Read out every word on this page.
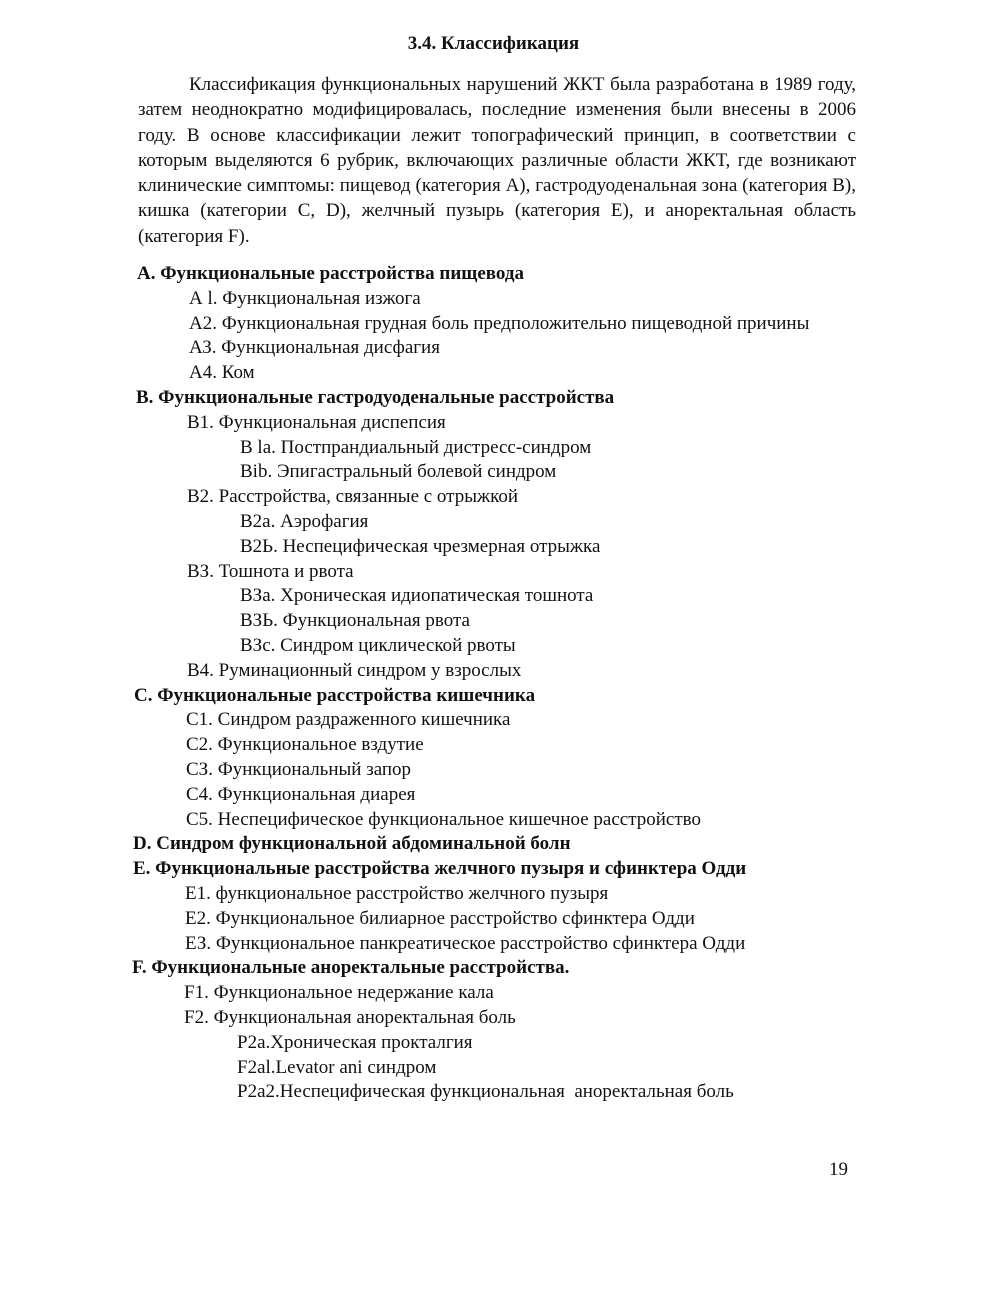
3.4. Классификация

Классификация функциональных нарушений ЖКТ была разработана в 1989 году, затем неоднократно модифицировалась, последние изменения были внесены в 2006 году. В основе классификации лежит топографический принцип, в соответствии с которым выделяются 6 рубрик, включающих различные области ЖКТ, где возникают клинические симптомы: пищевод (категория А), гастродуоденальная зона (категория В), кишка (категории С, D), желчный пузырь (категория Е), и аноректальная область (категория F).

А. Функциональные расстройства пищевода
А l. Функциональная изжога
А2. Функциональная грудная боль предположительно пищеводной причины
АЗ. Функциональная дисфагия
А4. Ком
В. Функциональные гастродуоденальные расстройства
В1. Функциональная диспепсия
В la. Постпрандиальный дистресс-синдром
Bib. Эпигастральный болевой синдром
В2. Расстройства, связанные с отрыжкой
В2а. Аэрофагия
В2Ь. Неспецифическая чрезмерная отрыжка
ВЗ. Тошнота и рвота
ВЗа. Хроническая идиопатическая тошнота
ВЗЬ. Функциональная рвота
ВЗс. Синдром циклической рвоты
В4. Руминационный синдром у взрослых
С. Функциональные расстройства кишечника
С1. Синдром раздраженного кишечника
С2. Функциональное вздутие
СЗ. Функциональный запор
С4. Функциональная диарея
С5. Неспецифическое функциональное кишечное расстройство
D. Синдром функциональной абдоминальной болн
Е. Функциональные расстройства желчного пузыря и сфинктера Одди
Е1. функциональное расстройство желчного пузыря
Е2. Функциональное билиарное расстройство сфинктера Одди
ЕЗ. Функциональное панкреатическое расстройство сфинктера Одди
F. Функциональные аноректальные расстройства.
F1. Функциональное недержание кала
F2. Функциональная аноректальная боль
Р2а.Хроническая прокталгия
F2al.Levator ani синдром
Р2а2.Неспецифическая функциональная  аноректальная боль
19
